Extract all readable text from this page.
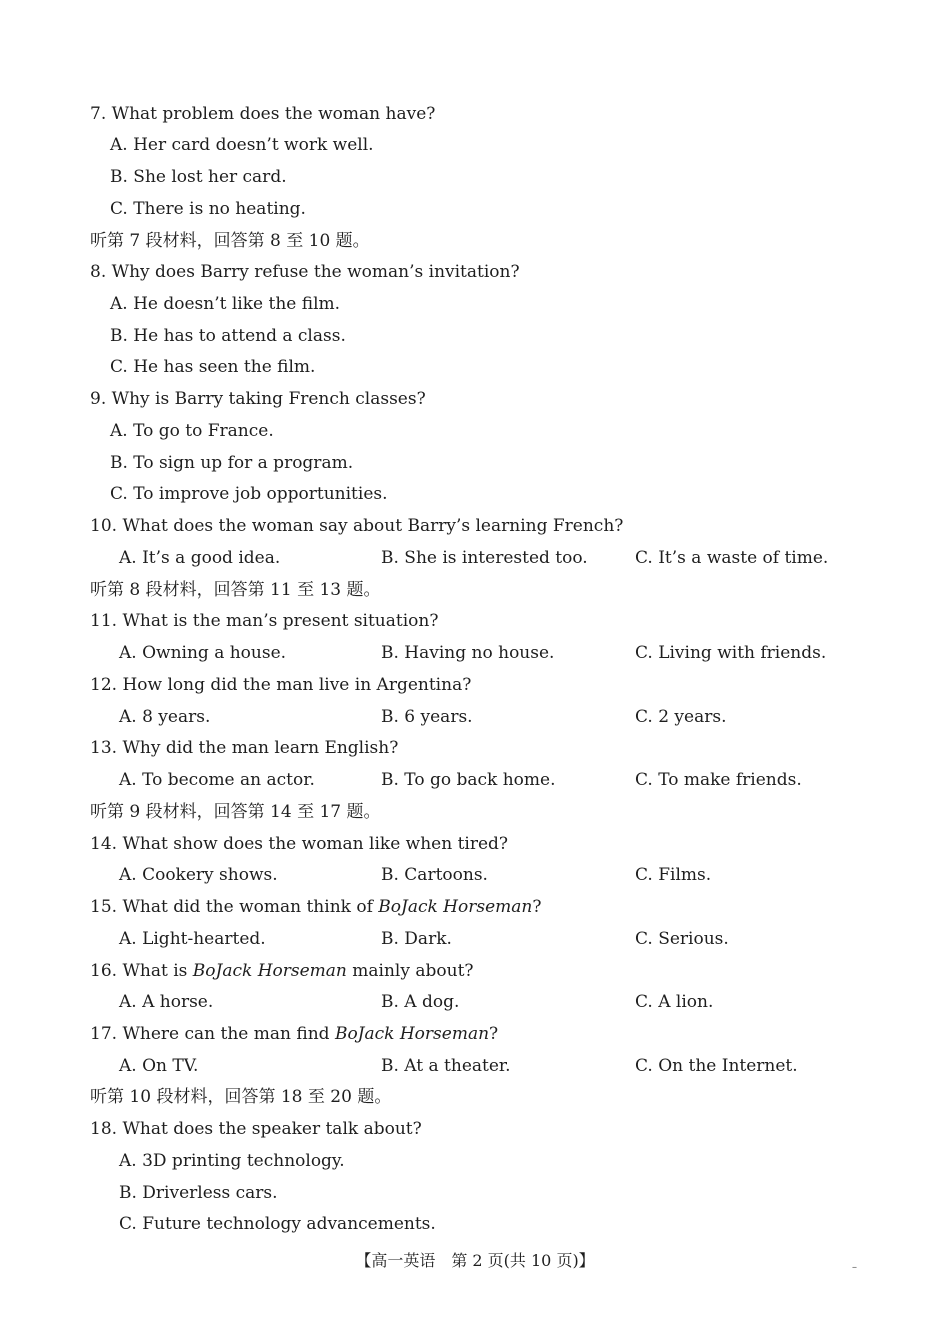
7. What problem does the woman have?
A. Her card doesn’t work well.
B. She lost her card.
C. There is no heating.
听第 7 段材料，回答第 8 至 10 题。
8. Why does Barry refuse the woman’s invitation?
A. He doesn’t like the film.
B. He has to attend a class.
C. He has seen the film.
9. Why is Barry taking French classes?
A. To go to France.
B. To sign up for a program.
C. To improve job opportunities.
10. What does the woman say about Barry’s learning French?
A. It’s a good idea.	B. She is interested too.	C. It’s a waste of time.
听第 8 段材料，回答第 11 至 13 题。
11. What is the man’s present situation?
A. Owning a house.	B. Having no house.	C. Living with friends.
12. How long did the man live in Argentina?
A. 8 years.	B. 6 years.	C. 2 years.
13. Why did the man learn English?
A. To become an actor.	B. To go back home.	C. To make friends.
听第 9 段材料，回答第 14 至 17 题。
14. What show does the woman like when tired?
A. Cookery shows.	B. Cartoons.	C. Films.
15. What did the woman think of BoJack Horseman?
A. Light-hearted.	B. Dark.	C. Serious.
16. What is BoJack Horseman mainly about?
A. A horse.	B. A dog.	C. A lion.
17. Where can the man find BoJack Horseman?
A. On TV.	B. At a theater.	C. On the Internet.
听第 10 段材料，回答第 18 至 20 题。
18. What does the speaker talk about?
A. 3D printing technology.
B. Driverless cars.
C. Future technology advancements.
【高一英语　第 2 页(共 10 页)】	–
